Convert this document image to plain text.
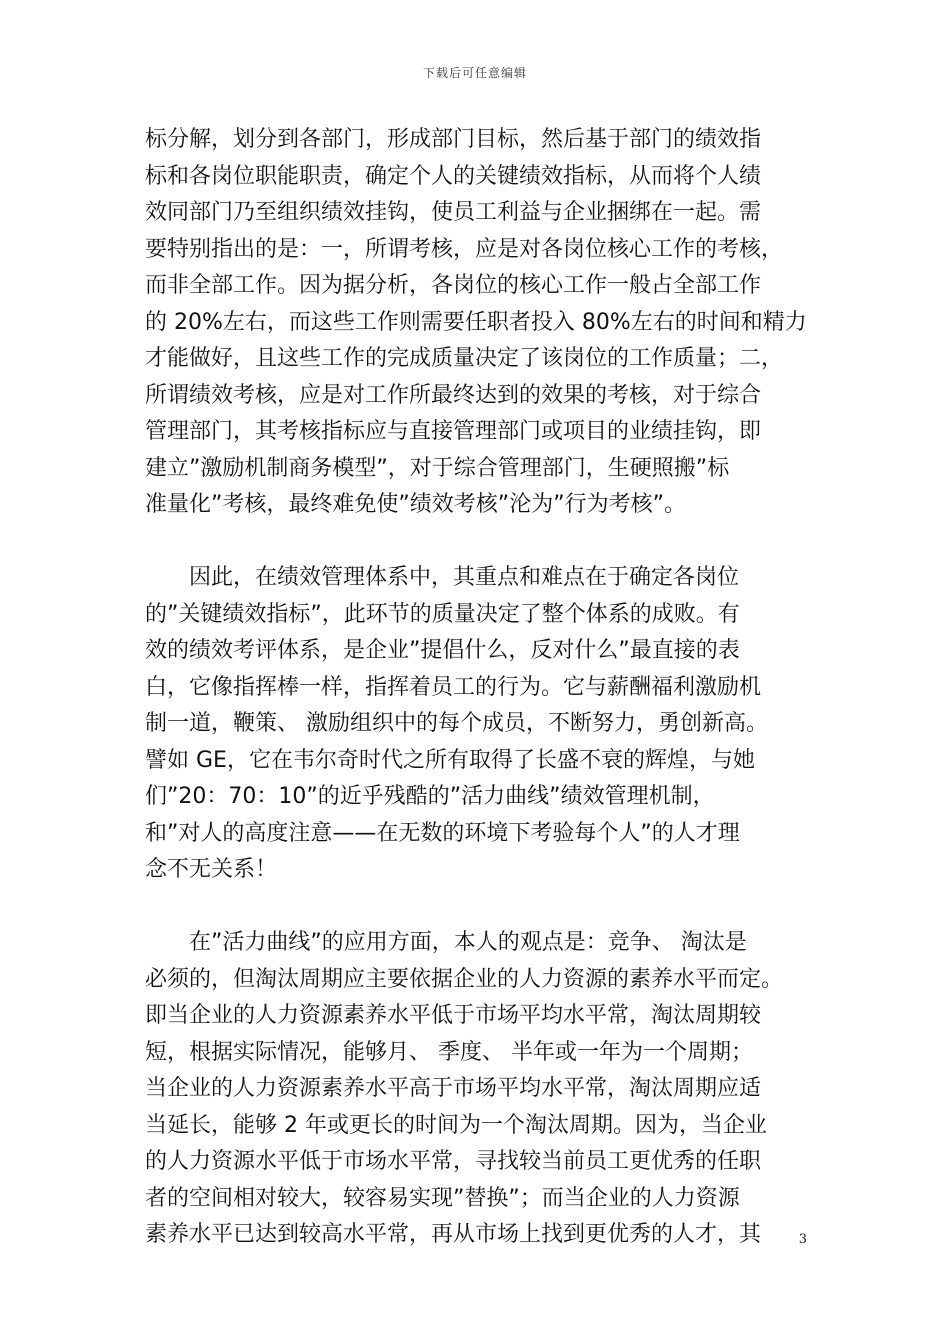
下载后可任意编辑
标分解，划分到各部门，形成部门目标，然后基于部门的绩效指
标和各岗位职能职责，确定个人的关键绩效指标，从而将个人绩
效同部门乃至组织绩效挂钩，使员工利益与企业捆绑在一起。需
要特别指出的是：一，所谓考核，应是对各岗位核心工作的考核，
而非全部工作。因为据分析，各岗位的核心工作一般占全部工作
的 20%左右，而这些工作则需要任职者投入 80%左右的时间和精力
才能做好，且这些工作的完成质量决定了该岗位的工作质量；二，
所谓绩效考核，应是对工作所最终达到的效果的考核，对于综合
管理部门，其考核指标应与直接管理部门或项目的业绩挂钩，即
建立”激励机制商务模型”，对于综合管理部门，生硬照搬”标
准量化”考核，最终难免使”绩效考核”沦为”行为考核”。
因此，在绩效管理体系中，其重点和难点在于确定各岗位
的”关键绩效指标”，此环节的质量决定了整个体系的成败。有
效的绩效考评体系，是企业”提倡什么，反对什么”最直接的表
白，它像指挥棒一样，指挥着员工的行为。它与薪酬福利激励机
制一道，鞭策、 激励组织中的每个成员，不断努力，勇创新高。
譬如 GE，它在韦尔奇时代之所有取得了长盛不衰的辉煌，与她
们”20：70：10”的近乎残酷的”活力曲线”绩效管理机制，
和”对人的高度注意——在无数的环境下考验每个人”的人才理
念不无关系！
在”活力曲线”的应用方面，本人的观点是：竞争、 淘汰是
必须的，但淘汰周期应主要依据企业的人力资源的素养水平而定。
即当企业的人力资源素养水平低于市场平均水平常，淘汰周期较
短，根据实际情况，能够月、 季度、 半年或一年为一个周期；
当企业的人力资源素养水平高于市场平均水平常，淘汰周期应适
当延长，能够 2 年或更长的时间为一个淘汰周期。因为，当企业
的人力资源水平低于市场水平常，寻找较当前员工更优秀的任职
者的空间相对较大，较容易实现”替换”；而当企业的人力资源
素养水平已达到较高水平常，再从市场上找到更优秀的人才，其	3
